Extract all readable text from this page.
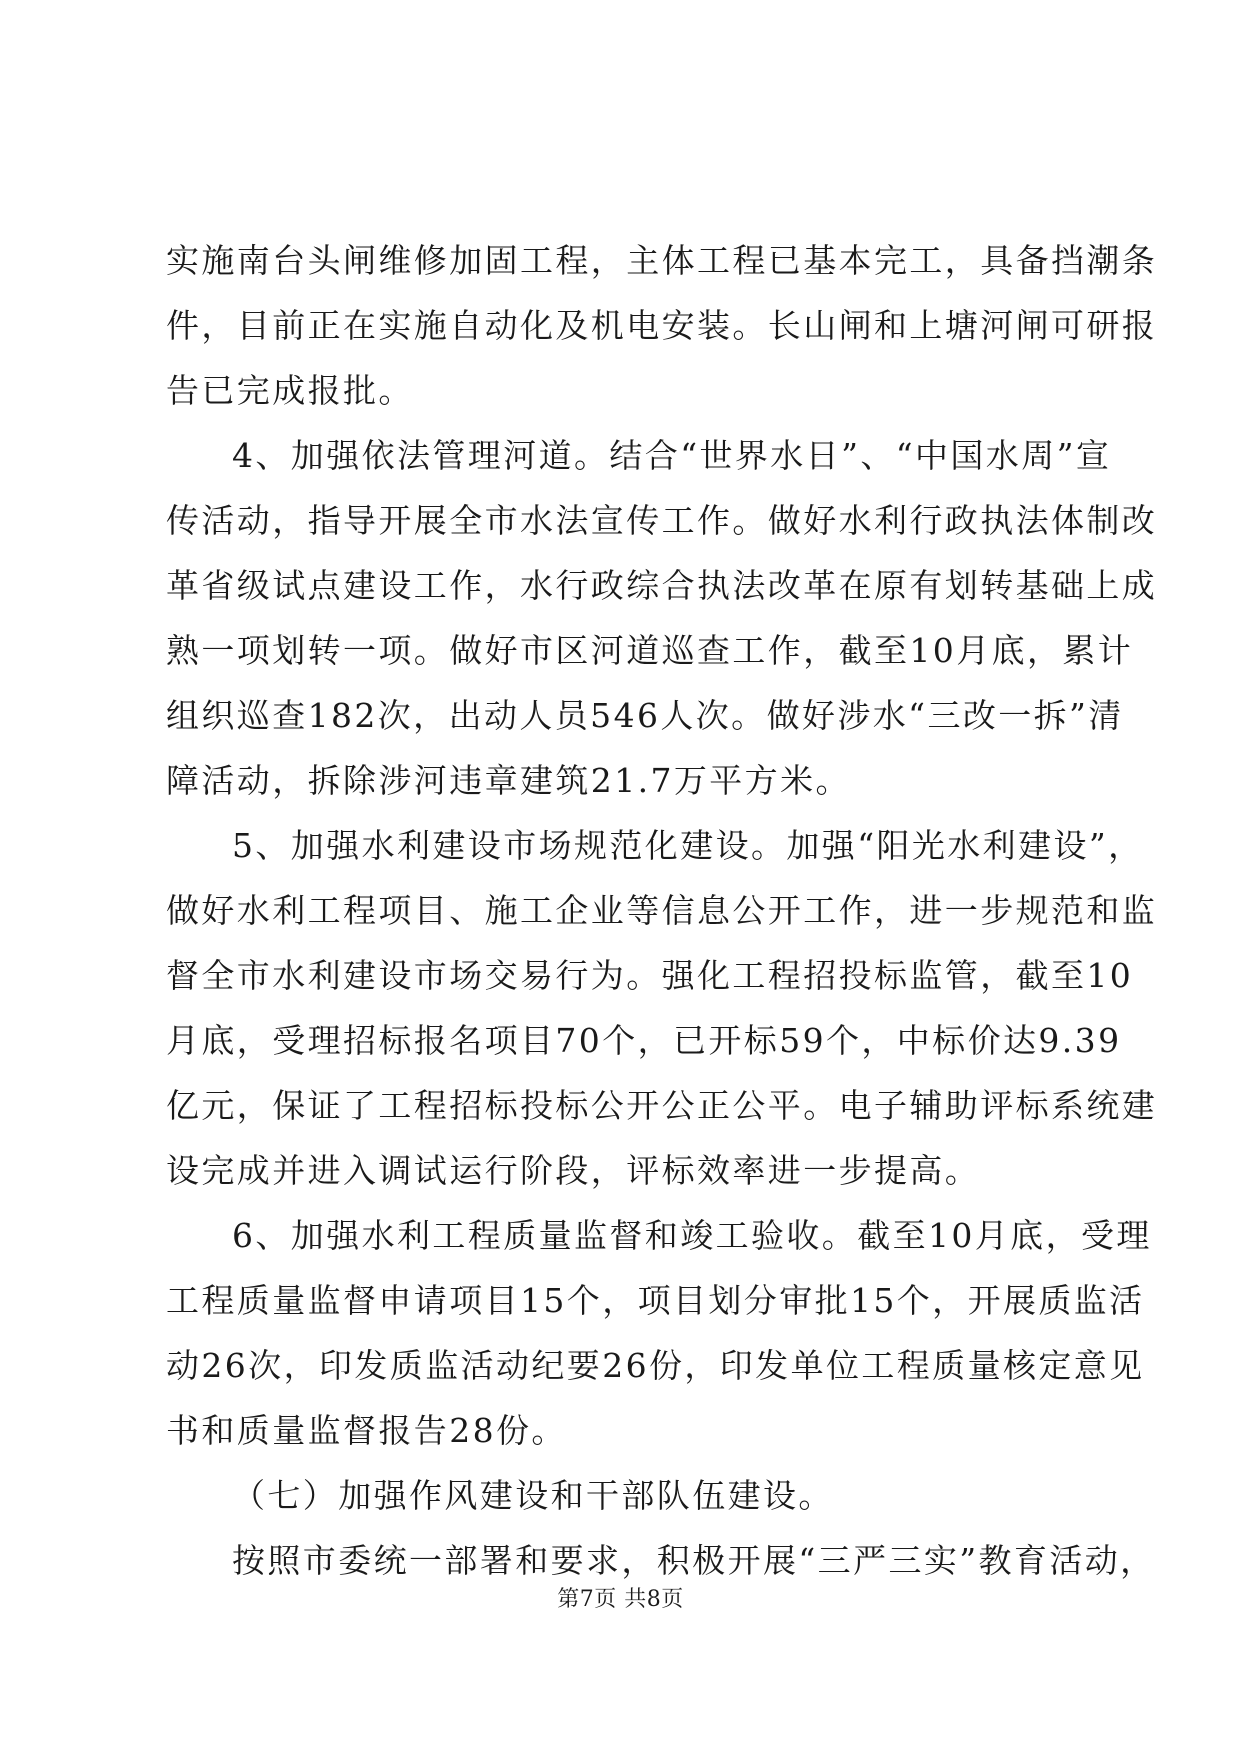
实施南台头闸维修加固工程，主体工程已基本完工，具备挡潮条
件，目前正在实施自动化及机电安装。长山闸和上塘河闸可研报
告已完成报批。
4、加强依法管理河道。结合“世界水日”、“中国水周”宣
传活动，指导开展全市水法宣传工作。做好水利行政执法体制改
革省级试点建设工作，水行政综合执法改革在原有划转基础上成
熟一项划转一项。做好市区河道巡查工作，截至10月底，累计
组织巡查182次，出动人员546人次。做好涉水“三改一拆”清
障活动，拆除涉河违章建筑21.7万平方米。
5、加强水利建设市场规范化建设。加强“阳光水利建设”，
做好水利工程项目、施工企业等信息公开工作，进一步规范和监
督全市水利建设市场交易行为。强化工程招投标监管，截至10
月底，受理招标报名项目70个，已开标59个，中标价达9.39
亿元，保证了工程招标投标公开公正公平。电子辅助评标系统建
设完成并进入调试运行阶段，评标效率进一步提高。
6、加强水利工程质量监督和竣工验收。截至10月底，受理
工程质量监督申请项目15个，项目划分审批15个，开展质监活
动26次，印发质监活动纪要26份，印发单位工程质量核定意见
书和质量监督报告28份。
（七）加强作风建设和干部队伍建设。
按照市委统一部署和要求，积极开展“三严三实”教育活动，
第7页 共8页
